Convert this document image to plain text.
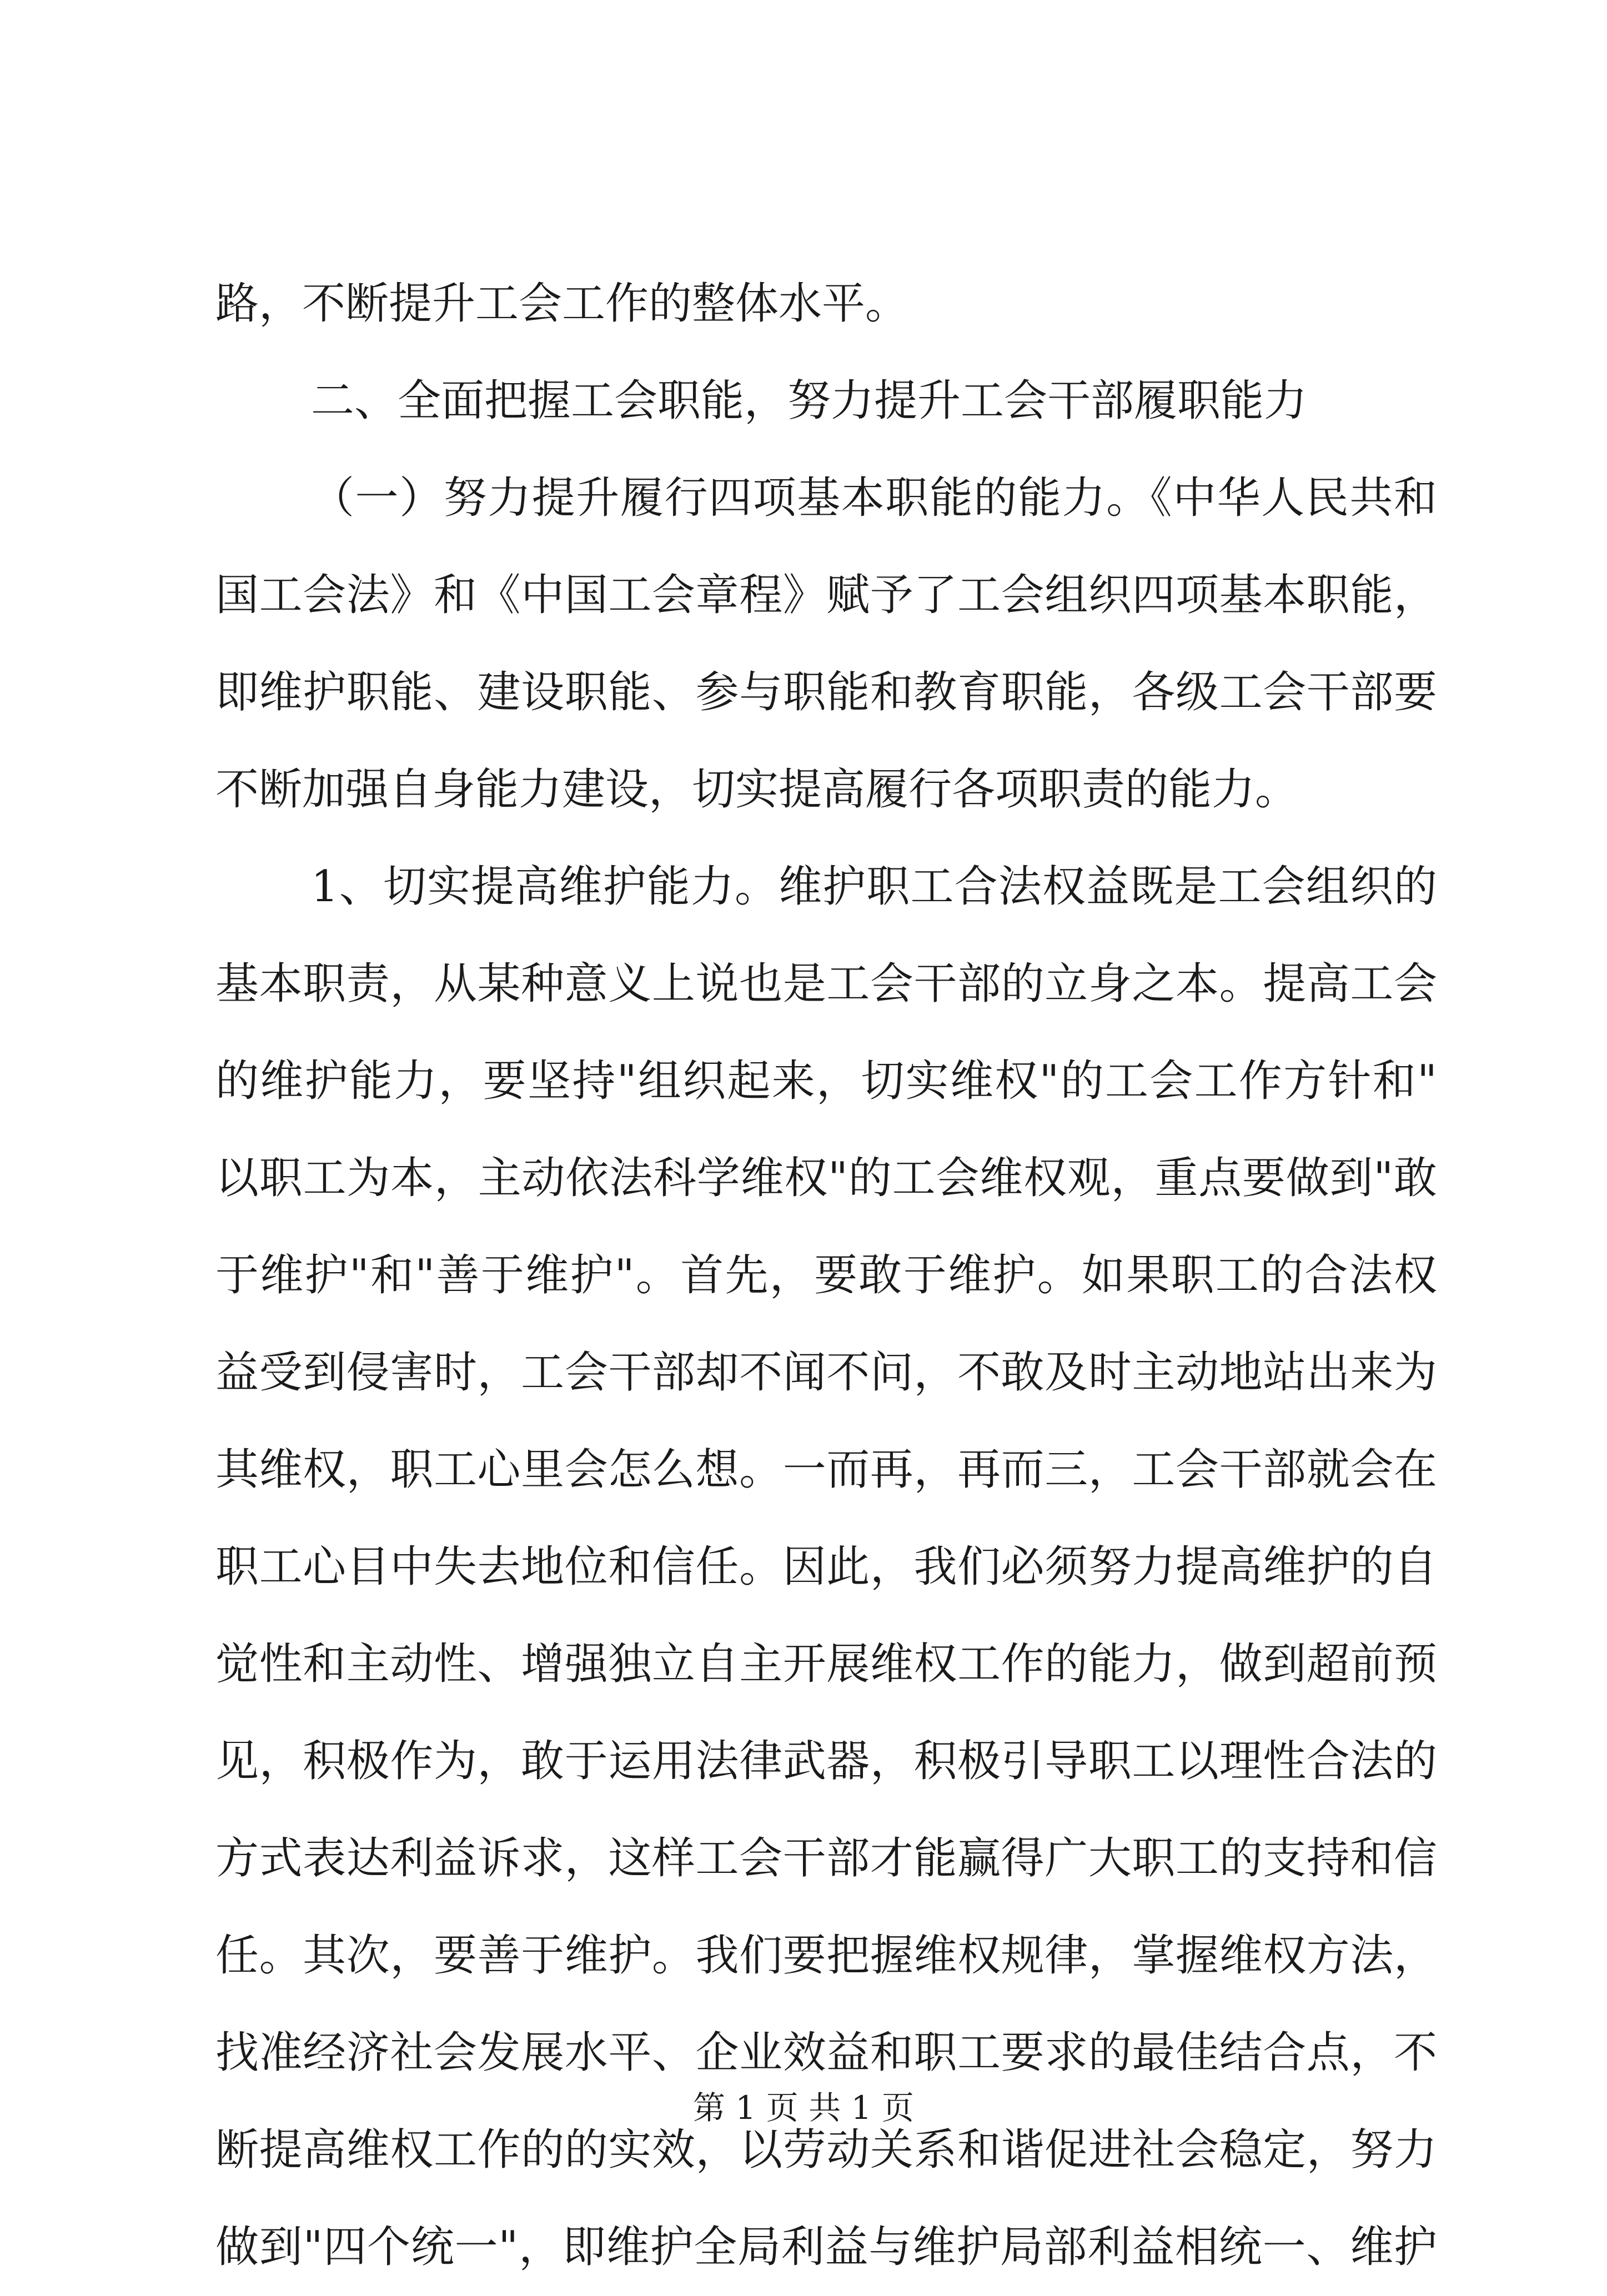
路，不断提升工会工作的整体水平。
二、全面把握工会职能，努力提升工会干部履职能力
（一）努力提升履行四项基本职能的能力。《中华人民共和
国工会法》和《中国工会章程》赋予了工会组织四项基本职能，
即维护职能、建设职能、参与职能和教育职能，各级工会干部要
不断加强自身能力建设，切实提高履行各项职责的能力。
1、切实提高维护能力。维护职工合法权益既是工会组织的
基本职责，从某种意义上说也是工会干部的立身之本。提高工会
的维护能力，要坚持"组织起来，切实维权"的工会工作方针和"
以职工为本，主动依法科学维权"的工会维权观，重点要做到"敢
于维护"和"善于维护"。首先，要敢于维护。如果职工的合法权
益受到侵害时，工会干部却不闻不问，不敢及时主动地站出来为
其维权，职工心里会怎么想。一而再，再而三，工会干部就会在
职工心目中失去地位和信任。因此，我们必须努力提高维护的自
觉性和主动性、增强独立自主开展维权工作的能力，做到超前预
见，积极作为，敢于运用法律武器，积极引导职工以理性合法的
方式表达利益诉求，这样工会干部才能赢得广大职工的支持和信
任。其次，要善于维护。我们要把握维权规律，掌握维权方法，
找准经济社会发展水平、企业效益和职工要求的最佳结合点，不
断提高维权工作的的实效，以劳动关系和谐促进社会稳定，努力
做到"四个统一"，即维护全局利益与维护局部利益相统一、维护
第 1 页 共 1 页
